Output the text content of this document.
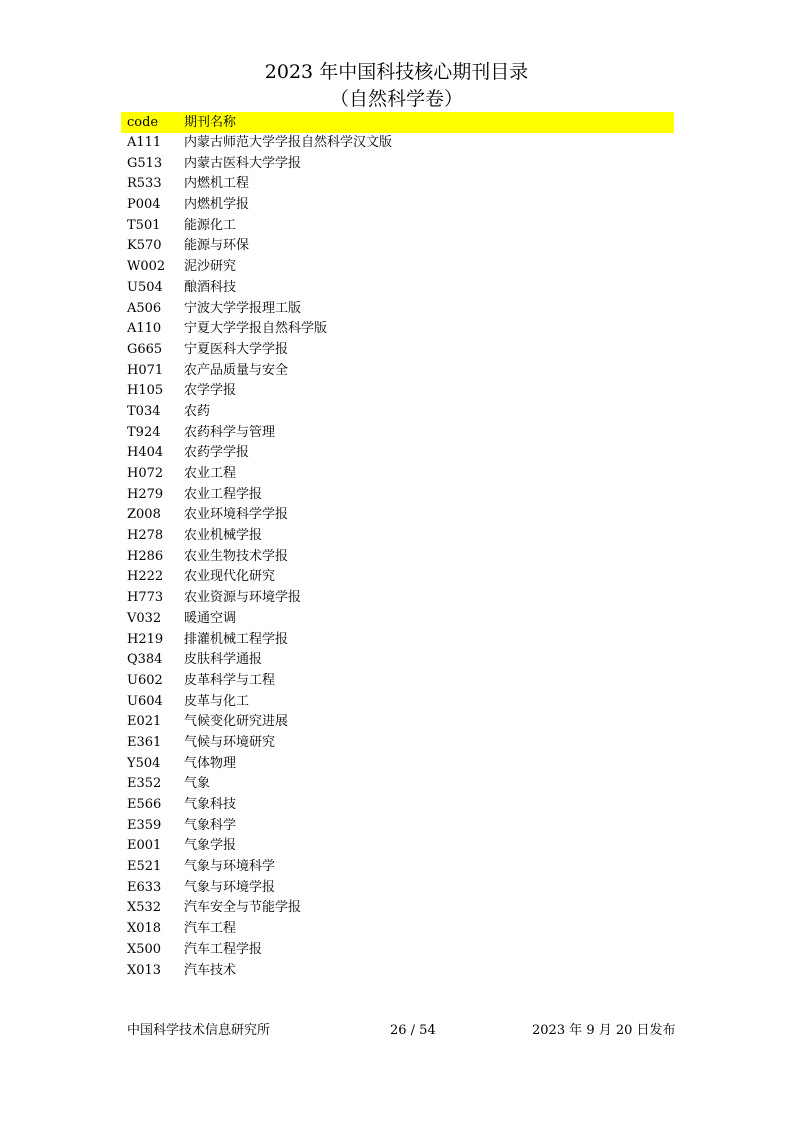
2023 年中国科技核心期刊目录
（自然科学卷）
code 期刊名称
A111 内蒙古师范大学学报自然科学汉文版
G513 内蒙古医科大学学报
R533 内燃机工程
P004 内燃机学报
T501 能源化工
K570 能源与环保
W002 泥沙研究
U504 酿酒科技
A506 宁波大学学报理工版
A110 宁夏大学学报自然科学版
G665 宁夏医科大学学报
H071 农产品质量与安全
H105 农学学报
T034 农药
T924 农药科学与管理
H404 农药学学报
H072 农业工程
H279 农业工程学报
Z008 农业环境科学学报
H278 农业机械学报
H286 农业生物技术学报
H222 农业现代化研究
H773 农业资源与环境学报
V032 暖通空调
H219 排灌机械工程学报
Q384 皮肤科学通报
U602 皮革科学与工程
U604 皮革与化工
E021 气候变化研究进展
E361 气候与环境研究
Y504 气体物理
E352 气象
E566 气象科技
E359 气象科学
E001 气象学报
E521 气象与环境科学
E633 气象与环境学报
X532 汽车安全与节能学报
X018 汽车工程
X500 汽车工程学报
X013 汽车技术
中国科学技术信息研究所	26 / 54	2023 年 9 月 20 日发布
